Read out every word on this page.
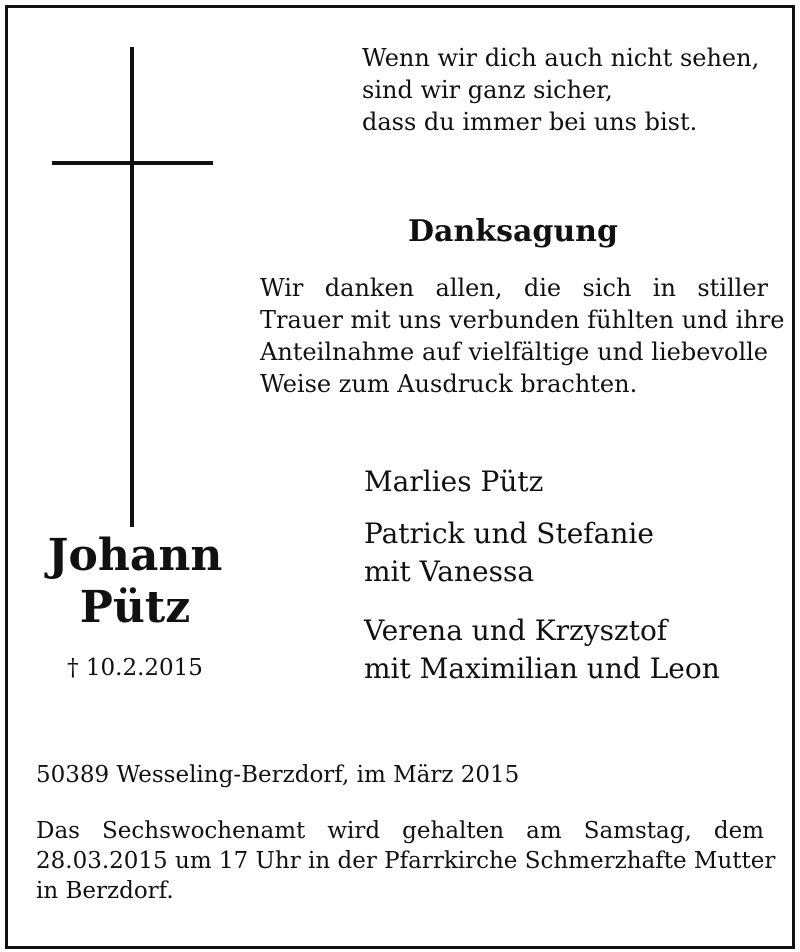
Wenn wir dich auch nicht sehen,
sind wir ganz sicher,
dass du immer bei uns bist.
Danksagung
Wir danken allen, die sich in stiller
Trauer mit uns verbunden fühlten und ihre
Anteilnahme auf vielfältige und liebevolle
Weise zum Ausdruck brachten.
Marlies Pütz
Patrick und Stefanie
mit Vanessa
Verena und Krzysztof
mit Maximilian und Leon
Johann
Pütz
† 10.2.2015
50389 Wesseling-Berzdorf, im März 2015
Das Sechswochenamt wird gehalten am Samstag, dem
28.03.2015 um 17 Uhr in der Pfarrkirche Schmerzhafte Mutter
in Berzdorf.
